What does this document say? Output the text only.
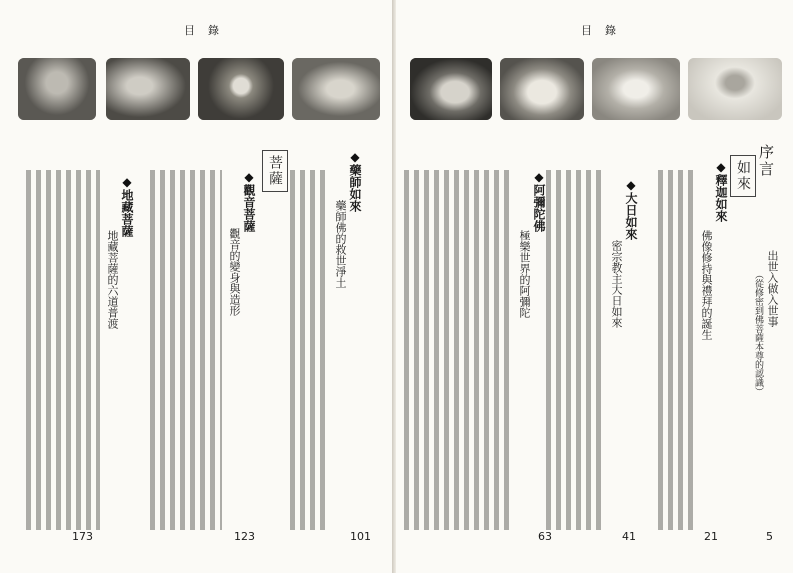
目　錄
菩薩	◆藥師如來
藥師佛的救世淨土
101
◆觀音菩薩
觀音的變身與造形
123
◆地藏菩薩
地藏菩薩的六道普渡
173
目　錄
序言
如來
出世入做入世事
（從修密到佛菩薩本尊的認識）
5
◆釋迦如來
佛像修持與禮拜的誕生
21
◆大日如來
密宗教主大日如來
41
◆阿彌陀佛
極樂世界的阿彌陀
63
